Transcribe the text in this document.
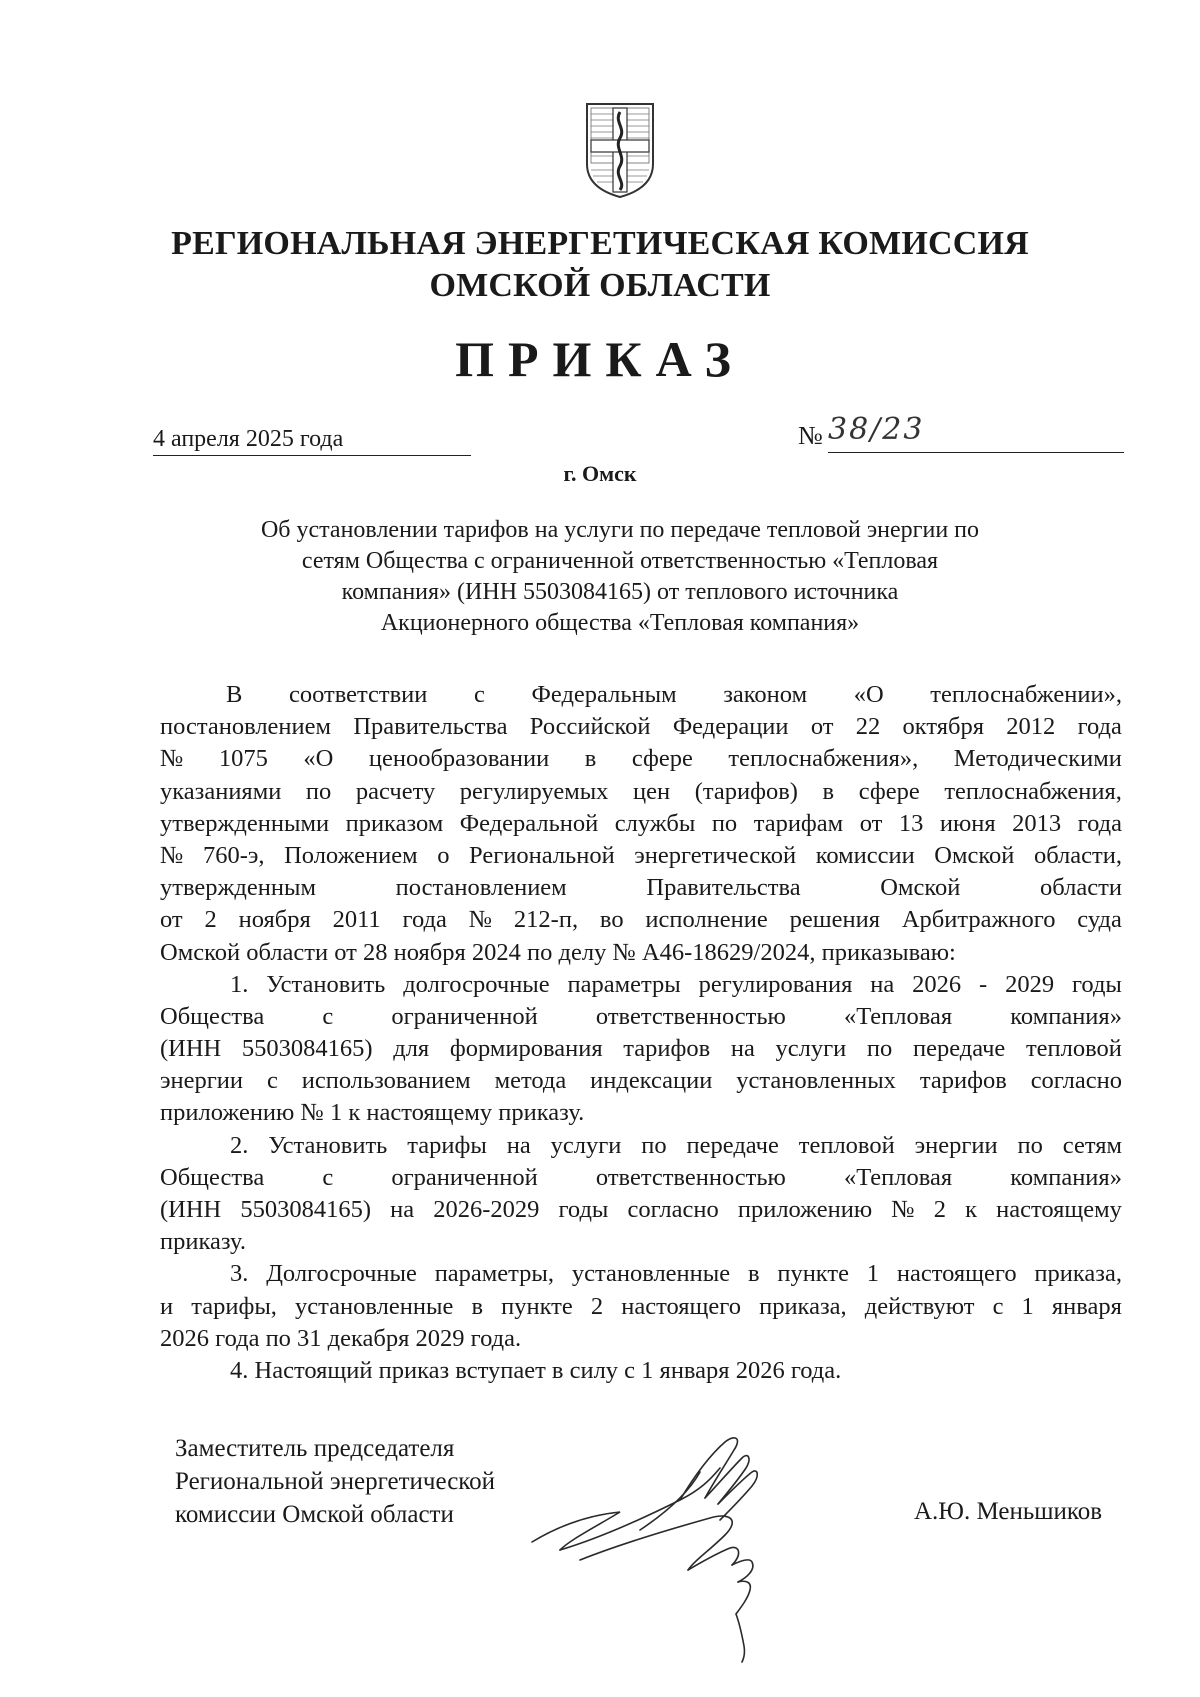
РЕГИОНАЛЬНАЯ ЭНЕРГЕТИЧЕСКАЯ КОМИССИЯ
ОМСКОЙ ОБЛАСТИ
ПРИКАЗ
4 апреля 2025 года	№ 38/23
г. Омск
Об установлении тарифов на услуги по передаче тепловой энергии по
сетям Общества с ограниченной ответственностью «Тепловая
компания» (ИНН 5503084165) от теплового источника
Акционерного общества «Тепловая компания»
В соответствии с Федеральным законом «О теплоснабжении»,
постановлением Правительства Российской Федерации от 22 октября 2012 года
№ 1075 «О ценообразовании в сфере теплоснабжения», Методическими
указаниями по расчету регулируемых цен (тарифов) в сфере теплоснабжения,
утвержденными приказом Федеральной службы по тарифам от 13 июня 2013 года
№ 760-э, Положением о Региональной энергетической комиссии Омской области,
утвержденным	постановлением	Правительства	Омской	области
от 2 ноября 2011 года № 212-п, во исполнение решения Арбитражного суда
Омской области от 28 ноября 2024 по делу № А46-18629/2024, приказываю:
1. Установить долгосрочные параметры регулирования на 2026 - 2029 годы
Общества с ограниченной ответственностью «Тепловая компания»
(ИНН 5503084165) для формирования тарифов на услуги по передаче тепловой
энергии с использованием метода индексации установленных тарифов согласно
приложению № 1 к настоящему приказу.
2. Установить тарифы на услуги по передаче тепловой энергии по сетям
Общества с ограниченной ответственностью «Тепловая компания»
(ИНН 5503084165) на 2026-2029 годы согласно приложению № 2 к настоящему
приказу.
3. Долгосрочные параметры, установленные в пункте 1 настоящего приказа,
и тарифы, установленные в пункте 2 настоящего приказа, действуют с 1 января
2026 года по 31 декабря 2029 года.
4. Настоящий приказ вступает в силу с 1 января 2026 года.
Заместитель председателя
Региональной энергетической
комиссии Омской области	А.Ю. Меньшиков
